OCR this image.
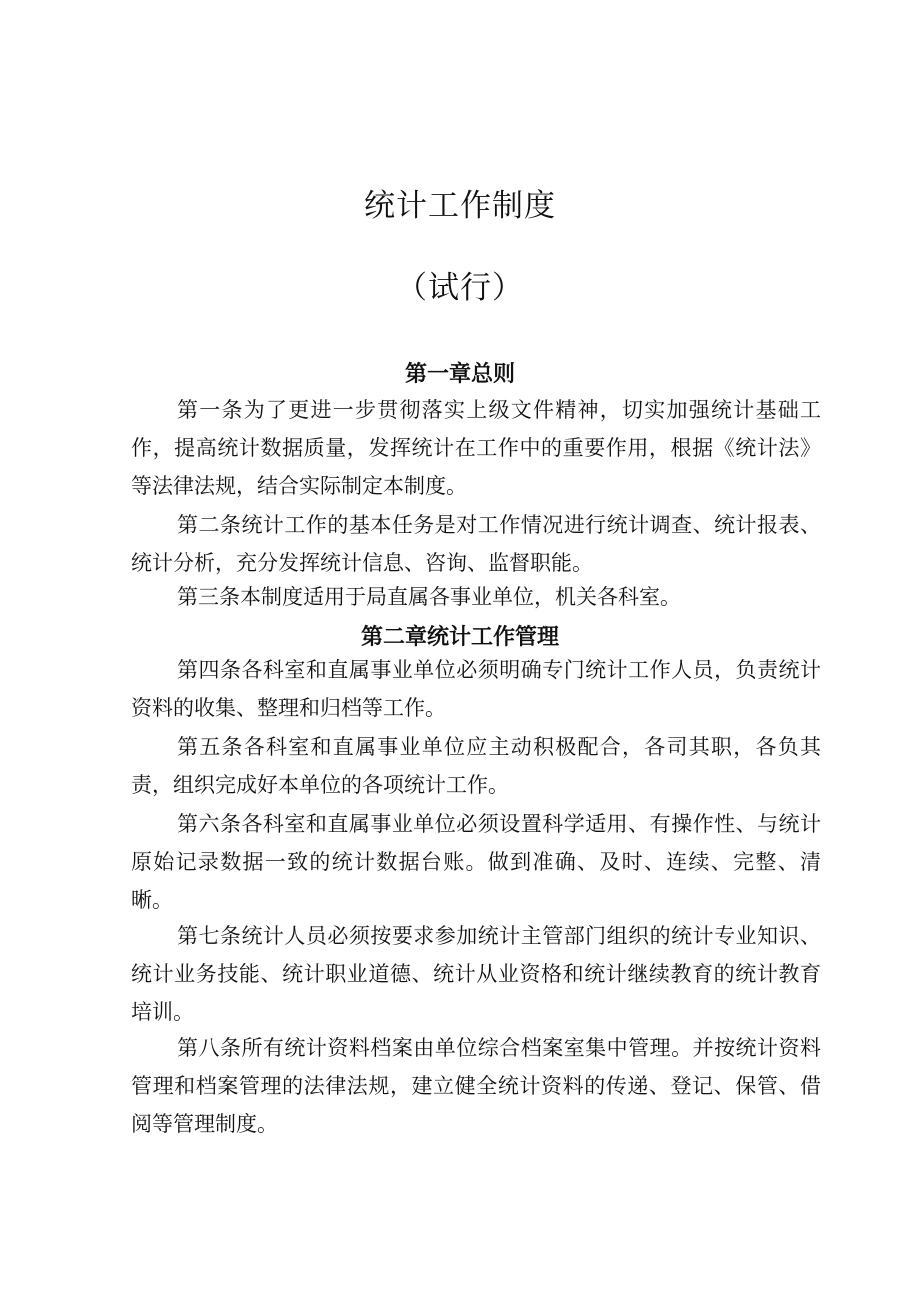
统计工作制度
（试行）
第一章总则

第一条为了更进一步贯彻落实上级文件精神，切实加强统计基础工作，提高统计数据质量，发挥统计在工作中的重要作用，根据《统计法》等法律法规，结合实际制定本制度。

第二条统计工作的基本任务是对工作情况进行统计调查、统计报表、统计分析，充分发挥统计信息、咨询、监督职能。

第三条本制度适用于局直属各事业单位，机关各科室。

第二章统计工作管理

第四条各科室和直属事业单位必须明确专门统计工作人员，负责统计资料的收集、整理和归档等工作。

第五条各科室和直属事业单位应主动积极配合，各司其职，各负其责，组织完成好本单位的各项统计工作。

第六条各科室和直属事业单位必须设置科学适用、有操作性、与统计原始记录数据一致的统计数据台账。做到准确、及时、连续、完整、清晰。

第七条统计人员必须按要求参加统计主管部门组织的统计专业知识、统计业务技能、统计职业道德、统计从业资格和统计继续教育的统计教育培训。

第八条所有统计资料档案由单位综合档案室集中管理。并按统计资料管理和档案管理的法律法规，建立健全统计资料的传递、登记、保管、借阅等管理制度。
